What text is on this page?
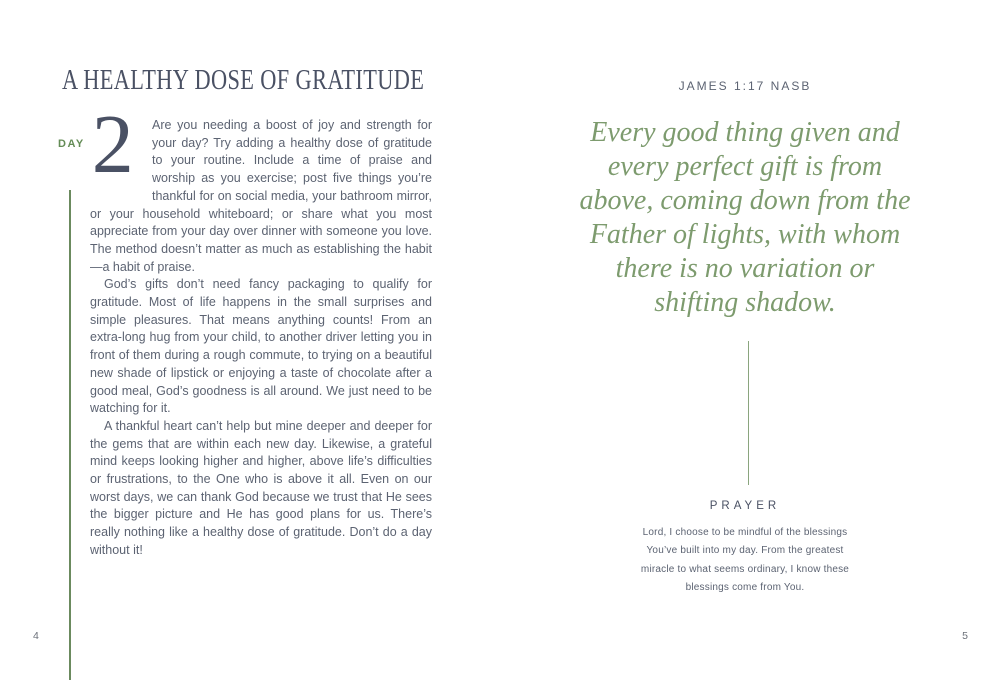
A HEALTHY DOSE OF GRATITUDE
DAY 2	Are you needing a boost of joy and strength for your day? Try adding a healthy dose of gratitude to your routine. Include a time of praise and worship as you exercise; post five things you’re thankful for on social media, your bathroom mirror, or your household whiteboard; or share what you most appreciate from your day over dinner with someone you love. The method doesn’t matter as much as establishing the habit—a habit of praise.

God’s gifts don’t need fancy packaging to qualify for gratitude. Most of life happens in the small surprises and simple pleasures. That means anything counts! From an extra-long hug from your child, to another driver letting you in front of them during a rough commute, to trying on a beautiful new shade of lipstick or enjoying a taste of chocolate after a good meal, God’s goodness is all around. We just need to be watching for it.

A thankful heart can’t help but mine deeper and deeper for the gems that are within each new day. Likewise, a grateful mind keeps looking higher and higher, above life’s difficulties or frustrations, to the One who is above it all. Even on our worst days, we can thank God because we trust that He sees the bigger picture and He has good plans for us. There’s really nothing like a healthy dose of gratitude. Don’t do a day without it!

4
JAMES 1:17 NASB
Every good thing given and every perfect gift is from above, coming down from the Father of lights, with whom there is no variation or shifting shadow.
PRAYER
Lord, I choose to be mindful of the blessings You’ve built into my day. From the greatest miracle to what seems ordinary, I know these blessings come from You.
5
